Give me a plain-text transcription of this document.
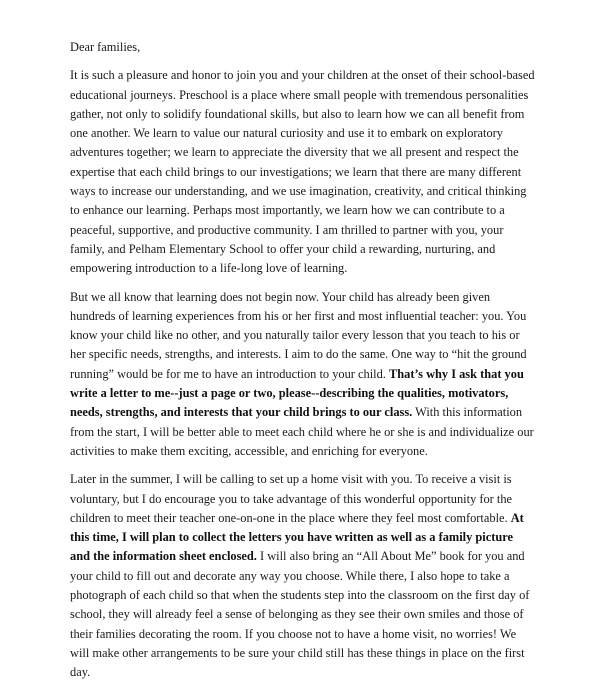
Dear families,

It is such a pleasure and honor to join you and your children at the onset of their school-based educational journeys. Preschool is a place where small people with tremendous personalities gather, not only to solidify foundational skills, but also to learn how we can all benefit from one another. We learn to value our natural curiosity and use it to embark on exploratory adventures together; we learn to appreciate the diversity that we all present and respect the expertise that each child brings to our investigations; we learn that there are many different ways to increase our understanding, and we use imagination, creativity, and critical thinking to enhance our learning. Perhaps most importantly, we learn how we can contribute to a peaceful, supportive, and productive community. I am thrilled to partner with you, your family, and Pelham Elementary School to offer your child a rewarding, nurturing, and empowering introduction to a life-long love of learning.

But we all know that learning does not begin now. Your child has already been given hundreds of learning experiences from his or her first and most influential teacher: you. You know your child like no other, and you naturally tailor every lesson that you teach to his or her specific needs, strengths, and interests. I aim to do the same. One way to “hit the ground running” would be for me to have an introduction to your child. That’s why I ask that you write a letter to me--just a page or two, please--describing the qualities, motivators, needs, strengths, and interests that your child brings to our class. With this information from the start, I will be better able to meet each child where he or she is and individualize our activities to make them exciting, accessible, and enriching for everyone.

Later in the summer, I will be calling to set up a home visit with you. To receive a visit is voluntary, but I do encourage you to take advantage of this wonderful opportunity for the children to meet their teacher one-on-one in the place where they feel most comfortable. At this time, I will plan to collect the letters you have written as well as a family picture and the information sheet enclosed. I will also bring an “All About Me” book for you and your child to fill out and decorate any way you choose. While there, I also hope to take a photograph of each child so that when the students step into the classroom on the first day of school, they will already feel a sense of belonging as they see their own smiles and those of their families decorating the room. If you choose not to have a home visit, no worries! We will make other arrangements to be sure your child still has these things in place on the first day.
